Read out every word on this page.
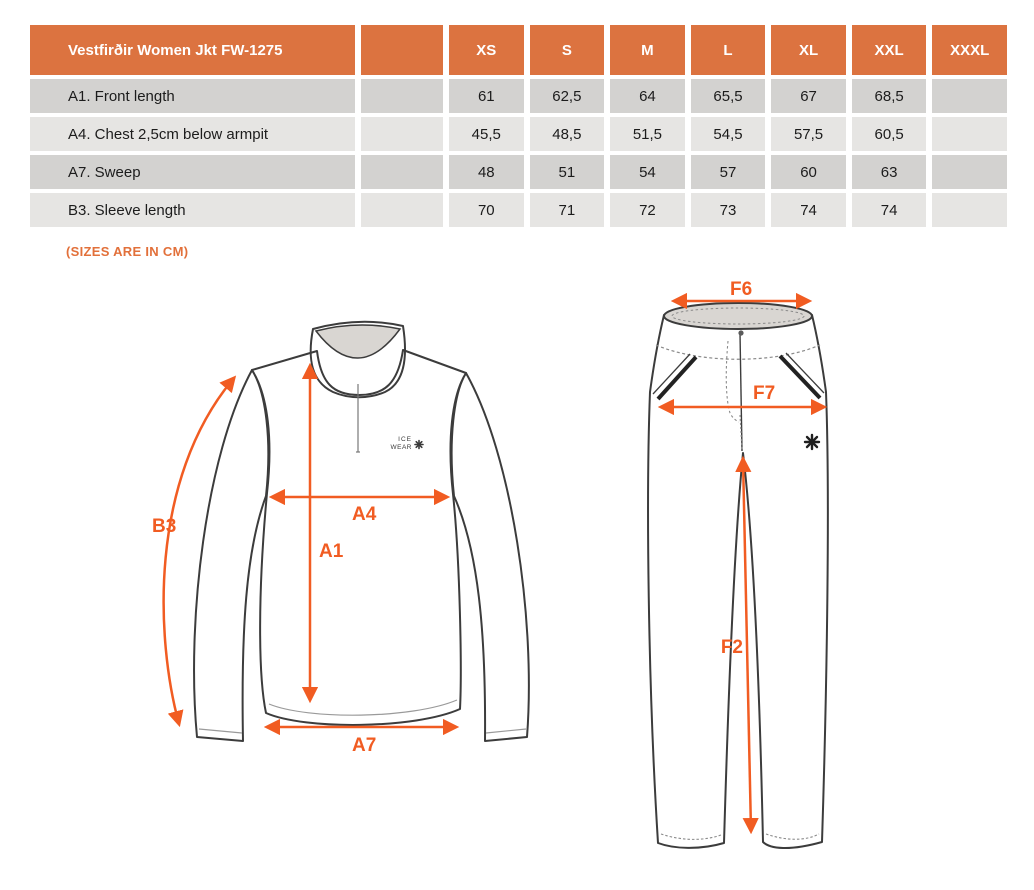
Vestfirðir Women Jkt FW-1275	XS	S	M	L	XL	XXL	XXXL
A1. Front length	61	62,5	64	65,5	67	68,5
A4. Chest 2,5cm below armpit	45,5	48,5	51,5	54,5	57,5	60,5
A7. Sweep	48	51	54	57	60	63
B3. Sleeve length	70	71	72	73	74	74
(SIZES ARE IN CM)
ICE
WEAR
B3
A4
A1
A7
F6
F7
F2
